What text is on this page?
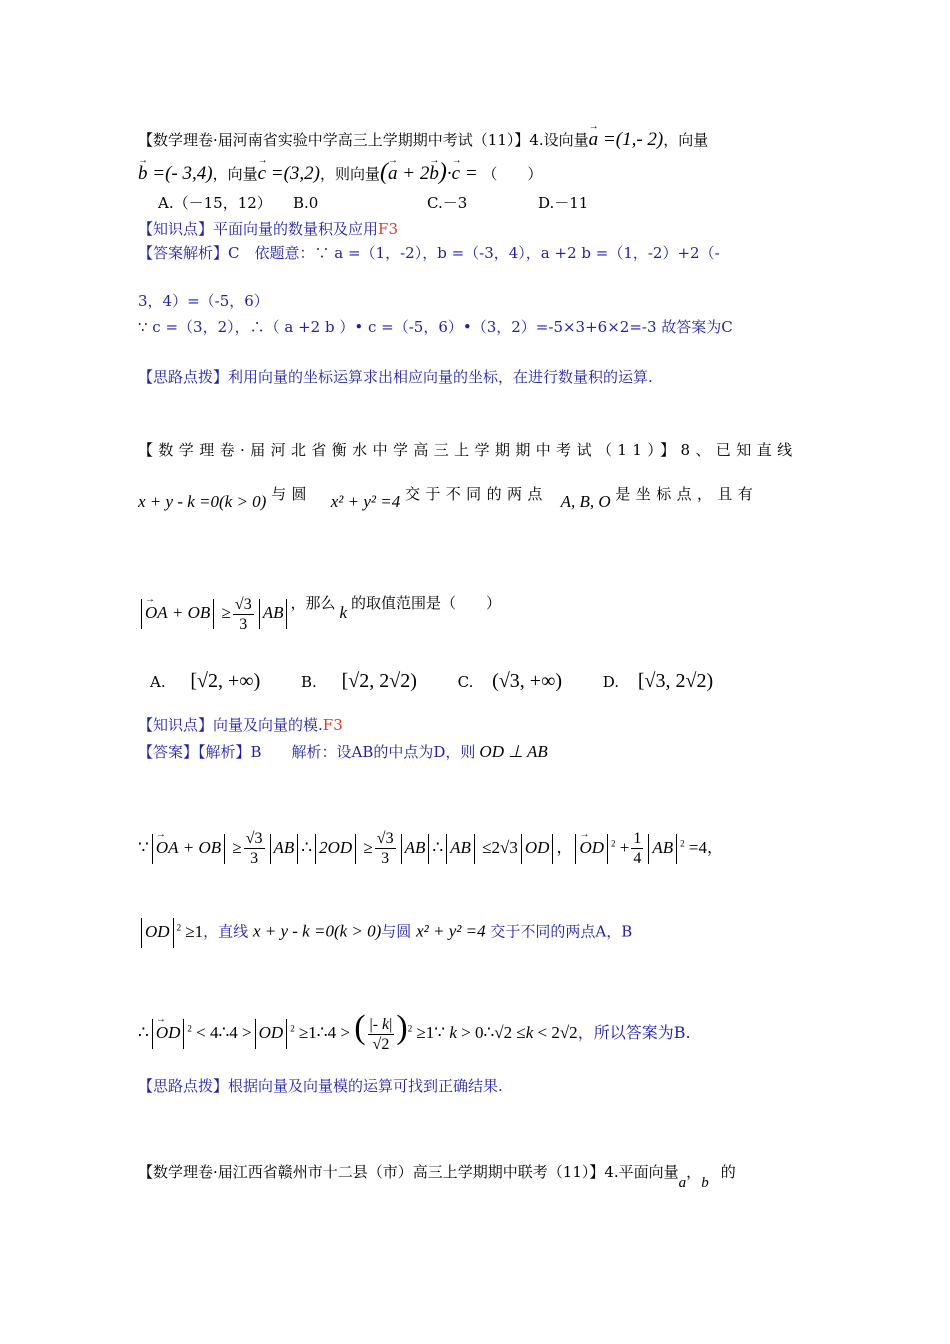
【数学理卷·届河南省实验中学高三上学期期中考试（11）】4.设向量→ a =(1,- 2)，向量
→ b =(- 3,4)，向量→ c =(3,2)，则向量(→ a + 2→ b)·→ c = （　　）
A.（－15，12） B.0	C.－3	D.－11
【知识点】平面向量的数量积及应用F3
【答案解析】C　依题意：∵ a =（1，-2），b =（-3，4），a +2 b =（1，-2）+2（-
3，4）=（-5，6）
∵ c =（3，2），∴（ a +2 b ）• c =（-5，6）•（3，2）=-5×3+6×2=-3 故答案为C
【思路点拨】利用向量的坐标运算求出相应向量的坐标，在进行数量积的运算.
【数学理卷·届河北省衡水中学高三上学期期中考试（11）】8、已知直线
x + y - k =0(k > 0) 与圆 x² + y² =4 交于不同的两点 A, B, O 是坐标点，且有
→ OA + OB ≥ $\frac{√3}{3}$ AB ，那么 k 的取值范围是（　　）
A. [√2, +∞)	B. [√2, 2√2)	C. (√3, +∞)	D. [√3, 2√2)
【知识点】向量及向量的模.F3
【答案】【解析】B　　解析：设AB的中点为D，则 OD ⊥ AB
∵ → OA + OB ≥ $\frac{√3}{3}$ AB ∴ $2OD \ge \frac{√3}{3}$ AB ∴ AB ≤2√3 OD ， → OD $^2 + \frac{1}{4}$ AB $^2$ =4，
OD $^2$ ≥1，直线 x + y - k =0(k > 0)与圆 x² + y² =4 交于不同的两点A，B
∴ → OD $^2$ < 4∴4 > OD $^2$ ≥1∴4 > ( $\frac{|- k|}{√2} )^2$ ≥1∵ k > 0∴√2 ≤k < 2√2，所以答案为B.
【思路点拨】根据向量及向量模的运算可找到正确结果.
【数学理卷·届江西省赣州市十二县（市）高三上学期期中联考（11）】4.平面向量a，b的
